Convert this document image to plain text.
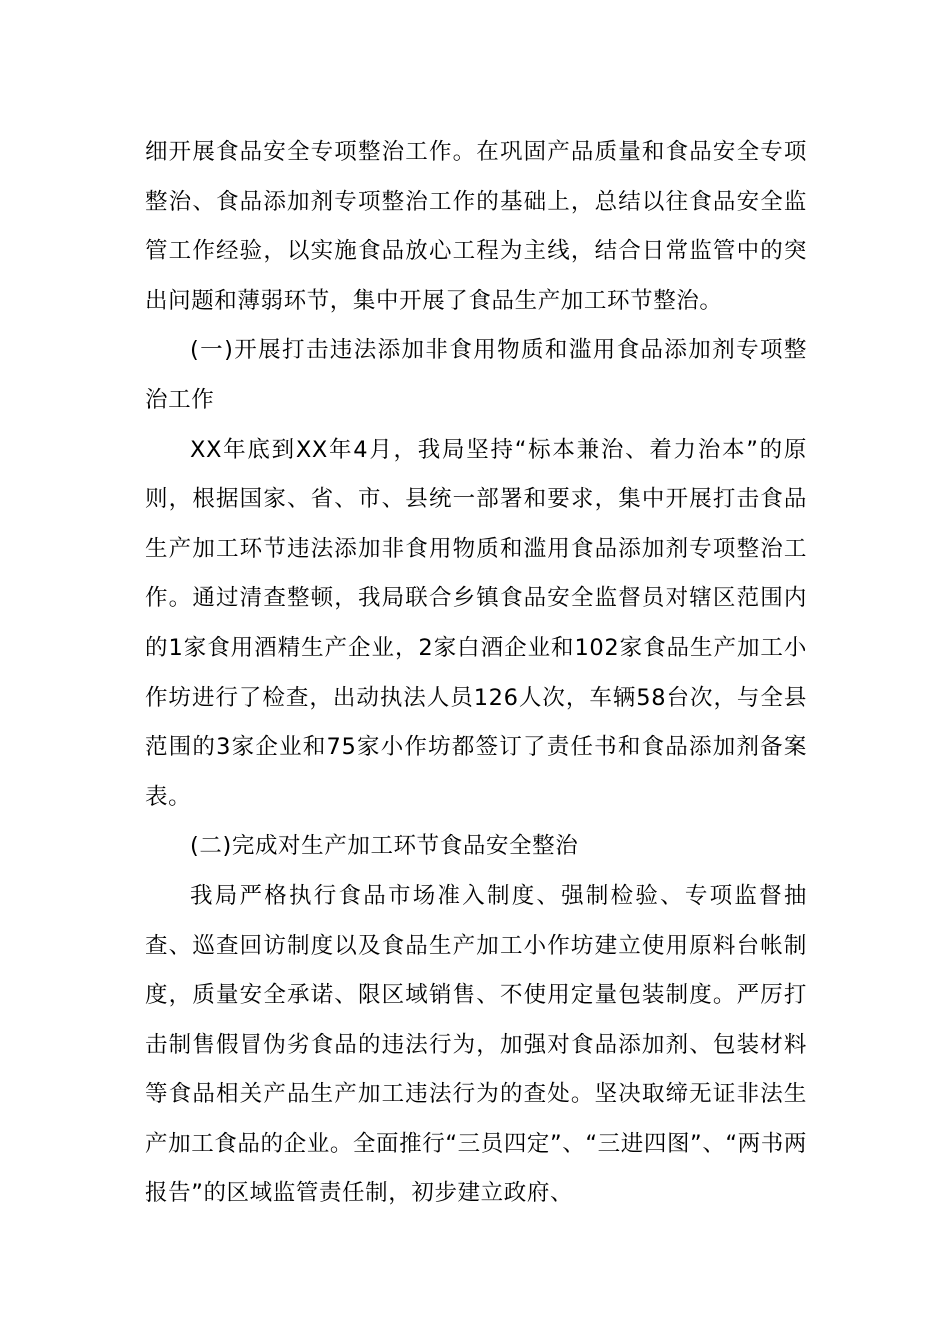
细开展食品安全专项整治工作。在巩固产品质量和食品安全专项整治、食品添加剂专项整治工作的基础上，总结以往食品安全监管工作经验，以实施食品放心工程为主线，结合日常监管中的突出问题和薄弱环节，集中开展了食品生产加工环节整治。

(一)开展打击违法添加非食用物质和滥用食品添加剂专项整治工作

XX年底到XX年4月，我局坚持“标本兼治、着力治本”的原则，根据国家、省、市、县统一部署和要求，集中开展打击食品生产加工环节违法添加非食用物质和滥用食品添加剂专项整治工作。通过清查整顿，我局联合乡镇食品安全监督员对辖区范围内的1家食用酒精生产企业，2家白酒企业和102家食品生产加工小作坊进行了检查，出动执法人员126人次，车辆58台次，与全县范围的3家企业和75家小作坊都签订了责任书和食品添加剂备案表。

(二)完成对生产加工环节食品安全整治

我局严格执行食品市场准入制度、强制检验、专项监督抽查、巡查回访制度以及食品生产加工小作坊建立使用原料台帐制度，质量安全承诺、限区域销售、不使用定量包装制度。严厉打击制售假冒伪劣食品的违法行为，加强对食品添加剂、包装材料等食品相关产品生产加工违法行为的查处。坚决取缔无证非法生产加工食品的企业。全面推行“三员四定”、“三进四图”、“两书两报告”的区域监管责任制，初步建立政府、
